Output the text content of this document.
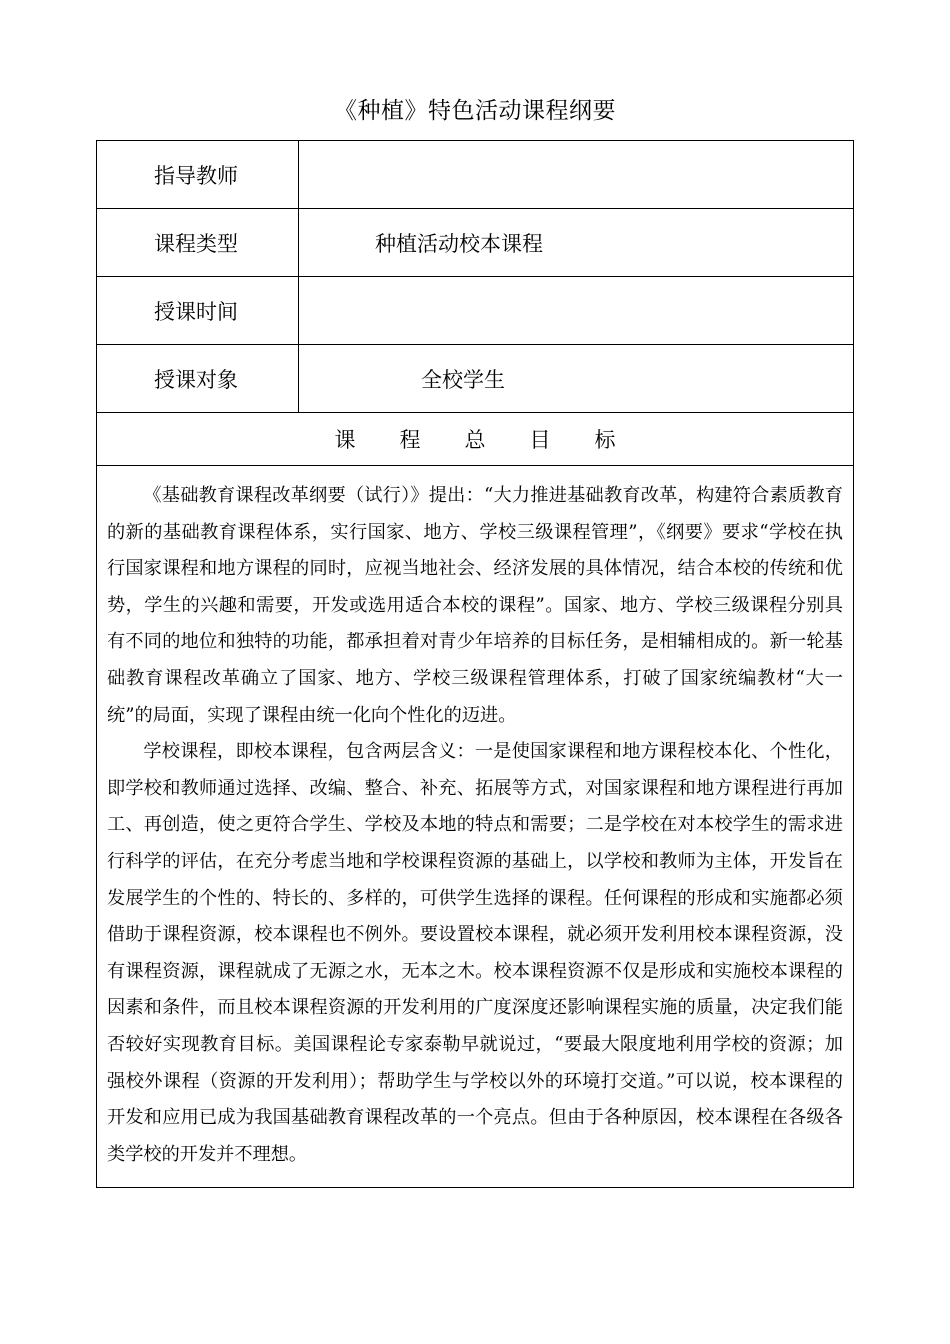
《种植》特色活动课程纲要
指导教师	
课程类型	种植活动校本课程
授课时间	
授课对象	全校学生
课程总目标	

《基础教育课程改革纲要（试行）》提出：“大力推进基础教育改革，构建符合素质教育的新的基础教育课程体系，实行国家、地方、学校三级课程管理”，《纲要》要求“学校在执行国家课程和地方课程的同时，应视当地社会、经济发展的具体情况，结合本校的传统和优势，学生的兴趣和需要，开发或选用适合本校的课程”。国家、地方、学校三级课程分别具有不同的地位和独特的功能，都承担着对青少年培养的目标任务，是相辅相成的。新一轮基础教育课程改革确立了国家、地方、学校三级课程管理体系，打破了国家统编教材“大一统”的局面，实现了课程由统一化向个性化的迈进。

学校课程，即校本课程，包含两层含义：一是使国家课程和地方课程校本化、个性化，即学校和教师通过选择、改编、整合、补充、拓展等方式，对国家课程和地方课程进行再加工、再创造，使之更符合学生、学校及本地的特点和需要；二是学校在对本校学生的需求进行科学的评估，在充分考虑当地和学校课程资源的基础上，以学校和教师为主体，开发旨在发展学生的个性的、特长的、多样的，可供学生选择的课程。任何课程的形成和实施都必须借助于课程资源，校本课程也不例外。要设置校本课程，就必须开发利用校本课程资源，没有课程资源，课程就成了无源之水，无本之木。校本课程资源不仅是形成和实施校本课程的因素和条件，而且校本课程资源的开发利用的广度深度还影响课程实施的质量，决定我们能否较好实现教育目标。美国课程论专家泰勒早就说过，“要最大限度地利用学校的资源；加强校外课程（资源的开发利用）；帮助学生与学校以外的环境打交道。”可以说，校本课程的开发和应用已成为我国基础教育课程改革的一个亮点。但由于各种原因，校本课程在各级各类学校的开发并不理想。	
